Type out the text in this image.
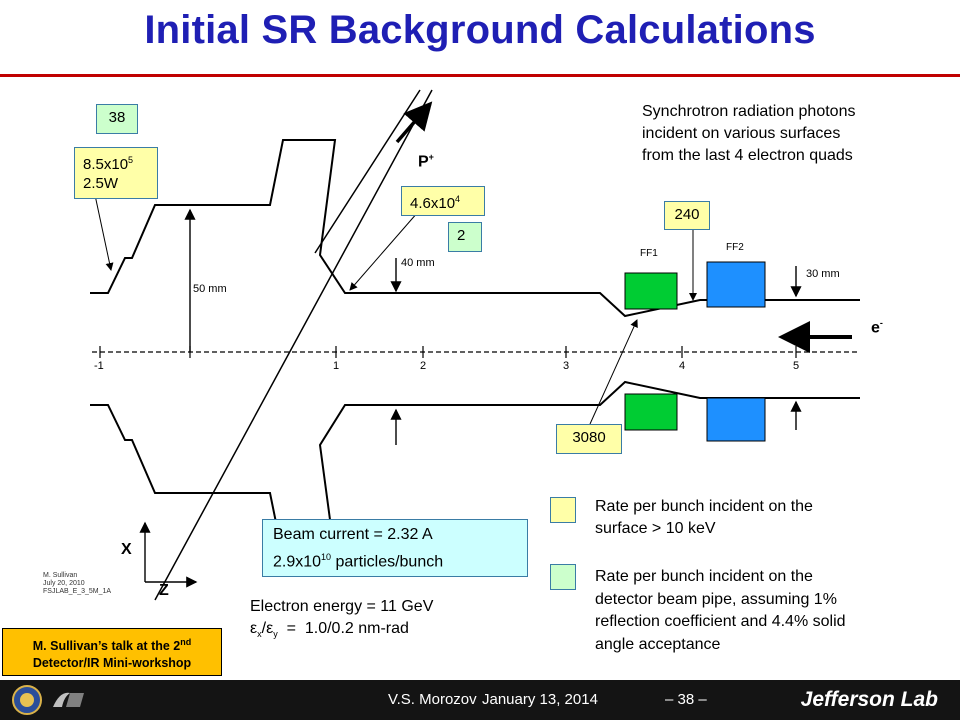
Initial SR Background Calculations
P+
e-
FF1
FF2
50 mm
40 mm
30 mm
-1	1	2	3	4	5
X
Z
38
$8.5x10^5$
2.5W
$4.6x10^4$
2
240
3080
Synchrotron radiation photons
incident on various surfaces
from the last 4 electron quads
Beam current = 2.32 A
$2.9x10^{10}$ particles/bunch
Electron energy = 11 GeV
$\varepsilon_x/\varepsilon_y = 1.0/0.2$ nm-rad
Rate per bunch incident on the
surface > 10 keV
Rate per bunch incident on the
detector beam pipe, assuming 1%
reflection coefficient and 4.4% solid
angle acceptance
M. Sullivan
July 20, 2010
FSJLAB_E_3_5M_1A
M. Sullivan’s talk at the 2nd
Detector/IR Mini-workshop
V.S. Morozov January 13, 2014	– 38 –	Jefferson Lab
